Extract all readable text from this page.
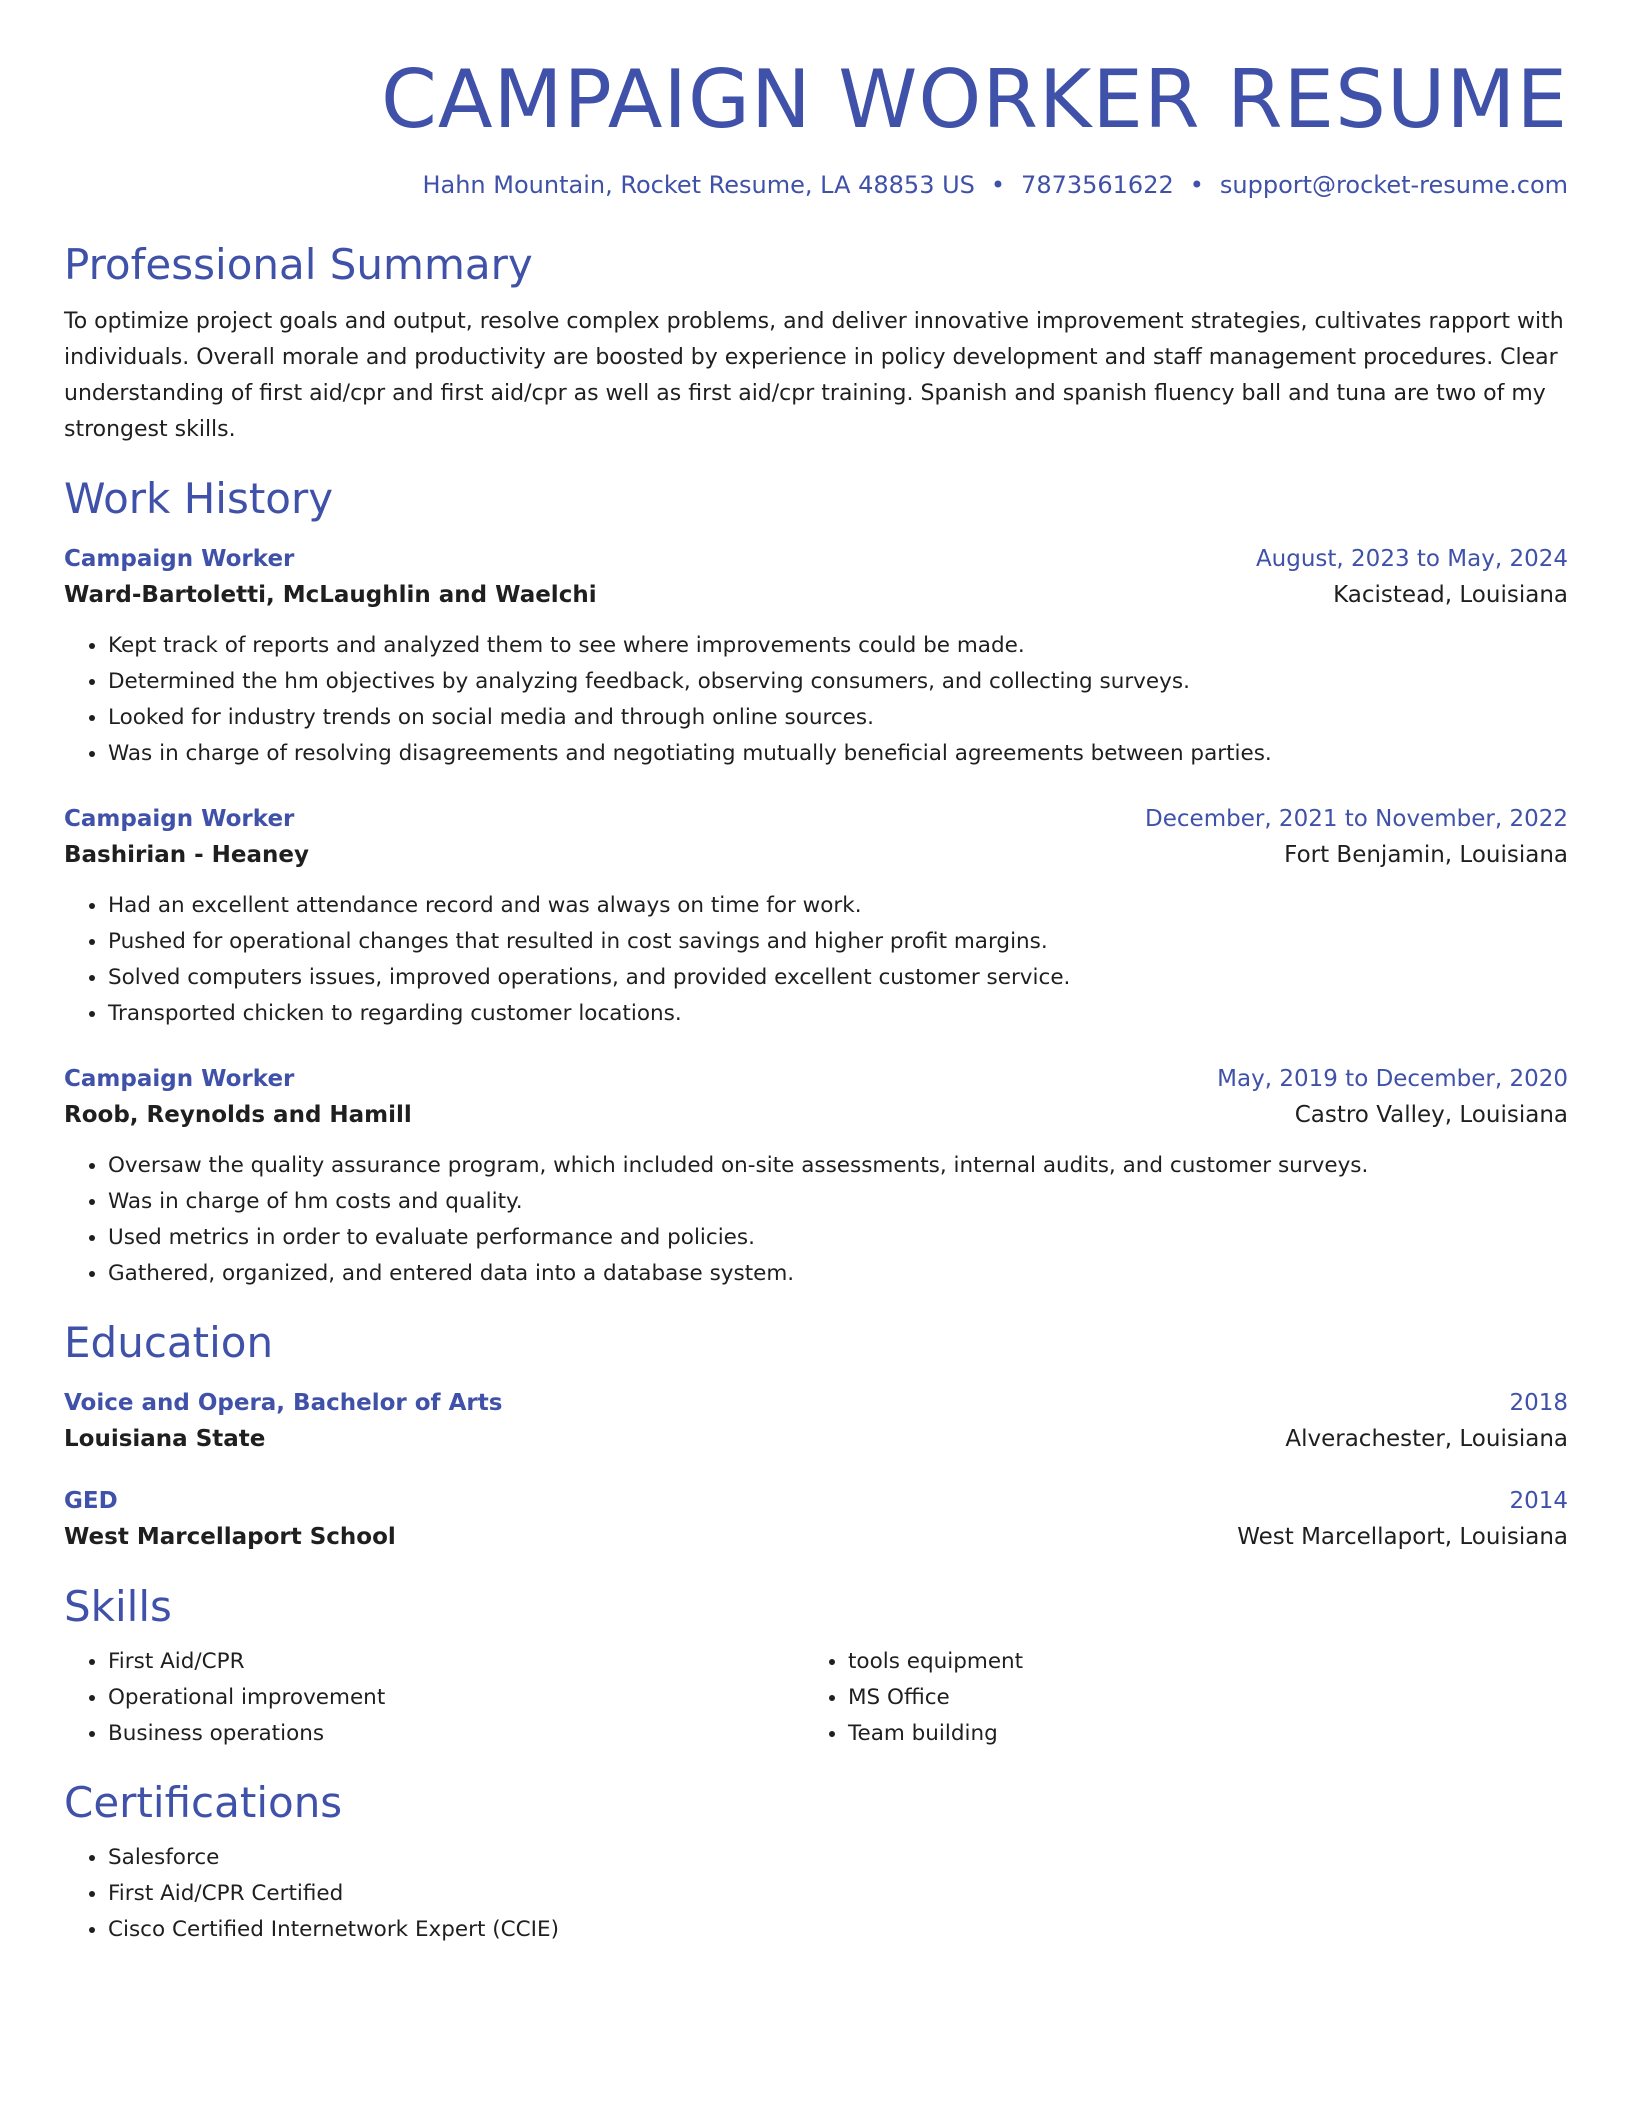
CAMPAIGN WORKER RESUME
Hahn Mountain, Rocket Resume, LA 48853 US • 7873561622 • support@rocket-resume.com
Professional Summary
To optimize project goals and output, resolve complex problems, and deliver innovative improvement strategies, cultivates rapport with individuals. Overall morale and productivity are boosted by experience in policy development and staff management procedures. Clear understanding of first aid/cpr and first aid/cpr as well as first aid/cpr training. Spanish and spanish fluency ball and tuna are two of my strongest skills.
Work History
Campaign Worker	August, 2023 to May, 2024
Ward-Bartoletti, McLaughlin and Waelchi	Kacistead, Louisiana
• Kept track of reports and analyzed them to see where improvements could be made.
• Determined the hm objectives by analyzing feedback, observing consumers, and collecting surveys.
• Looked for industry trends on social media and through online sources.
• Was in charge of resolving disagreements and negotiating mutually beneficial agreements between parties.
Campaign Worker	December, 2021 to November, 2022
Bashirian - Heaney	Fort Benjamin, Louisiana
• Had an excellent attendance record and was always on time for work.
• Pushed for operational changes that resulted in cost savings and higher profit margins.
• Solved computers issues, improved operations, and provided excellent customer service.
• Transported chicken to regarding customer locations.
Campaign Worker	May, 2019 to December, 2020
Roob, Reynolds and Hamill	Castro Valley, Louisiana
• Oversaw the quality assurance program, which included on-site assessments, internal audits, and customer surveys.
• Was in charge of hm costs and quality.
• Used metrics in order to evaluate performance and policies.
• Gathered, organized, and entered data into a database system.
Education
Voice and Opera, Bachelor of Arts	2018
Louisiana State	Alverachester, Louisiana
GED	2014
West Marcellaport School	West Marcellaport, Louisiana
Skills
• First Aid/CPR
• Operational improvement
• Business operations
• tools equipment
• MS Office
• Team building
Certifications
• Salesforce
• First Aid/CPR Certified
• Cisco Certified Internetwork Expert (CCIE)
